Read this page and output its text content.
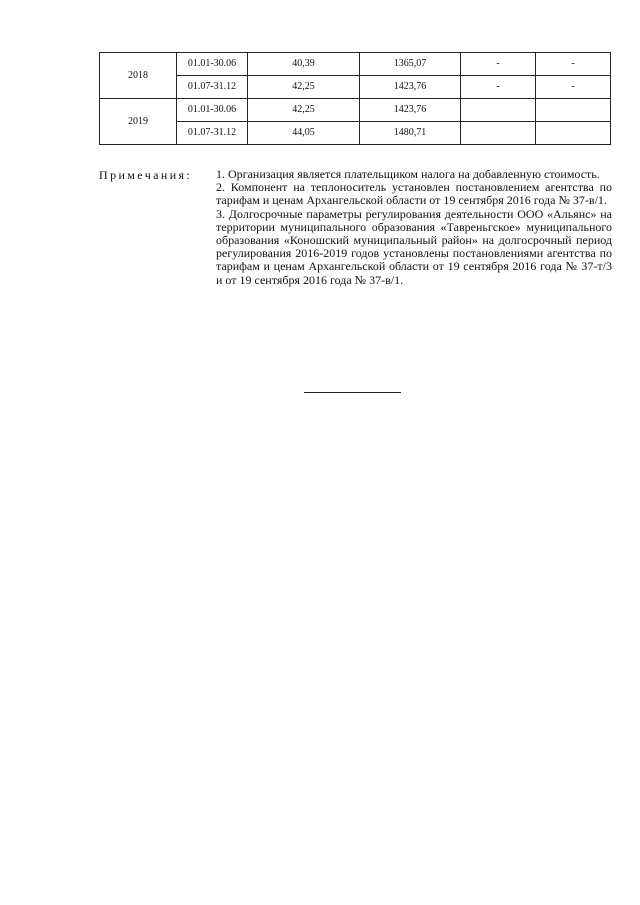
2018	01.01-30.06	40,39	1365,07	-	-
	01.07-31.12	42,25	1423,76	-	-
2019	01.01-30.06	42,25	1423,76		
	01.07-31.12	44,05	1480,71		
Примечания: 1. Организация является плательщиком налога на добавленную стоимость.

2. Компонент на теплоноситель установлен постановлением агентства по тарифам и ценам Архангельской области от 19 сентября 2016 года № 37-в/1.

3. Долгосрочные параметры регулирования деятельности ООО «Альянс» на территории муниципального образования «Тавреньгское» муниципального образования «Коношский муниципальный район» на долгосрочный период регулирования 2016-2019 годов установлены постановлениями агентства по тарифам и ценам Архангельской области от 19 сентября 2016 года № 37-т/3 и от 19 сентября 2016 года № 37-в/1.
